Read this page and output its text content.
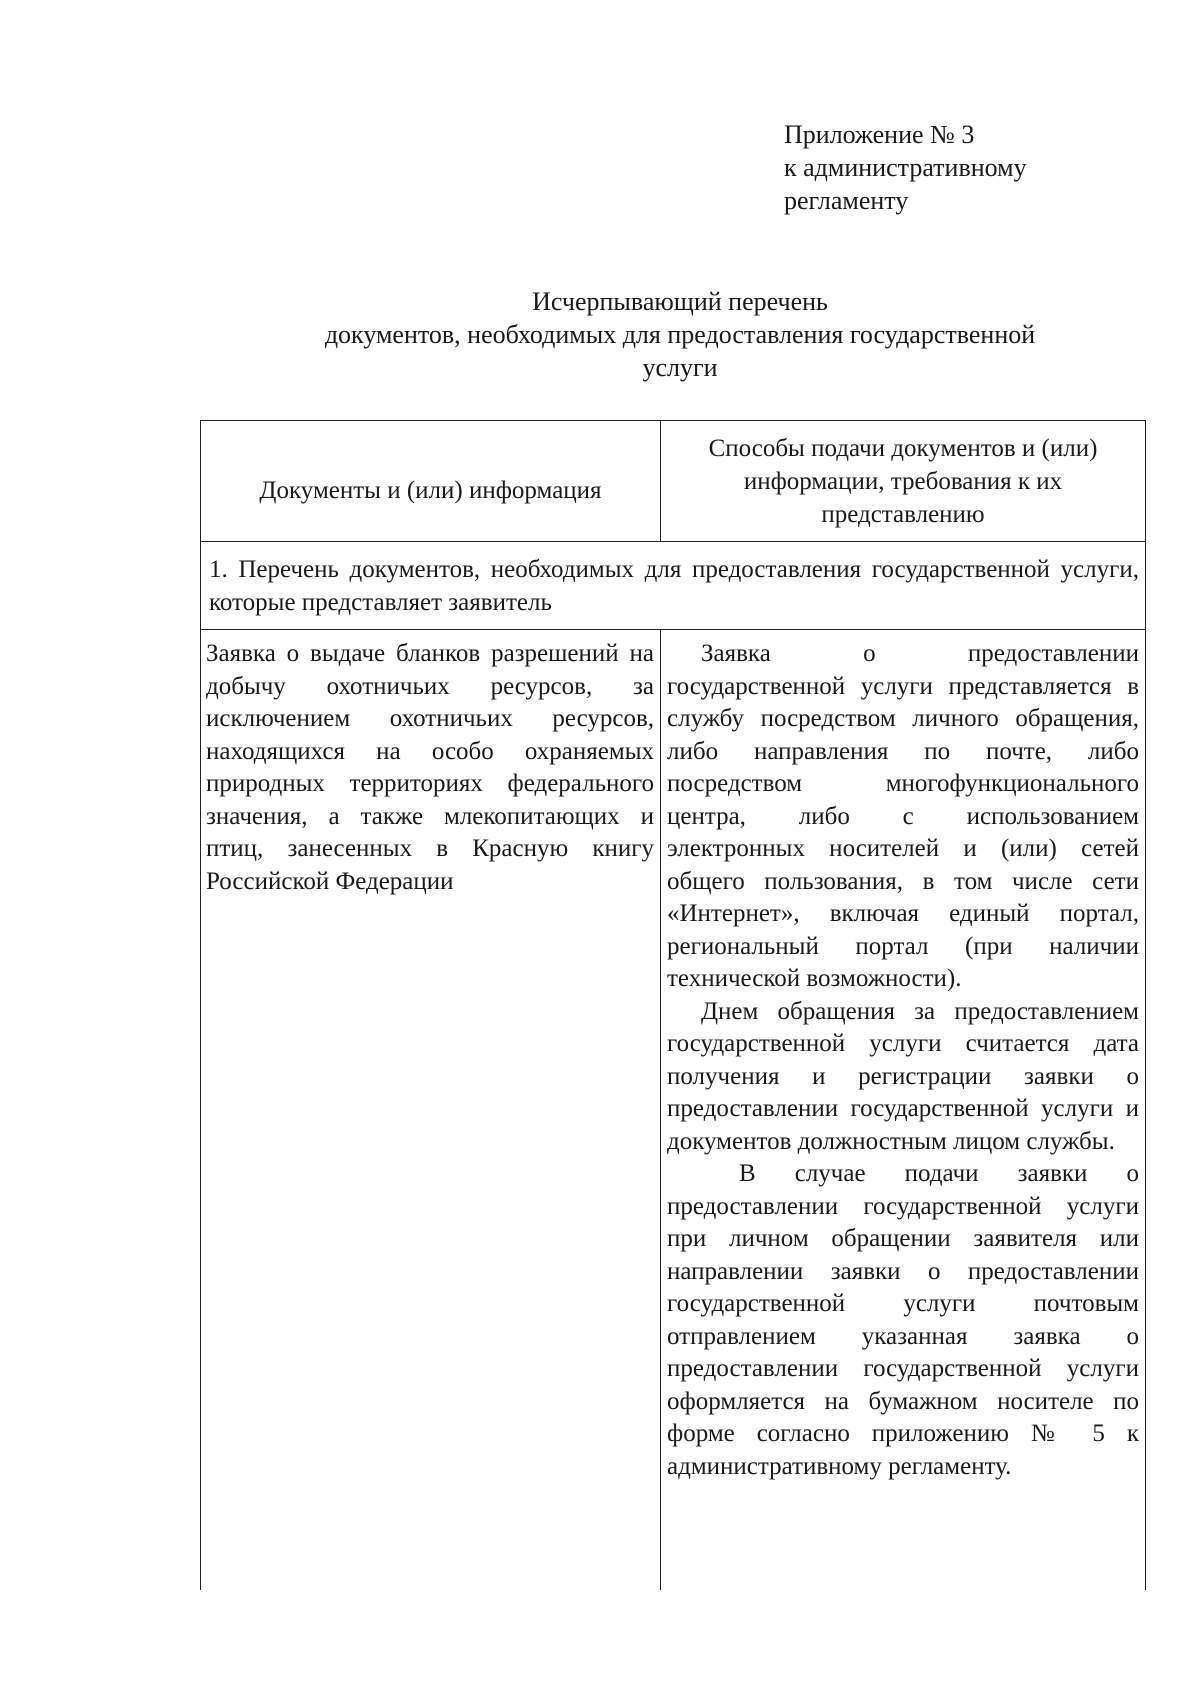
Приложение № 3
к административному
регламенту
Исчерпывающий перечень
документов, необходимых для предоставления государственной
услуги
Документы и (или) информация
Способы подачи документов и (или)
информации, требования к их
представлению
1. Перечень документов, необходимых для предоставления государственной услуги, которые представляет заявитель

Заявка о выдаче бланков разрешений на добычу охотничьих ресурсов, за исключением охотничьих ресурсов, находящихся на особо охраняемых природных территориях федерального значения, а также млекопитающих и птиц, занесенных в Красную книгу Российской Федерации

Заявка о предоставлении государственной услуги представляется в службу посредством личного обращения, либо направления по почте, либо посредством многофункционального центра, либо с использованием электронных носителей и (или) сетей общего пользования, в том числе сети «Интернет», включая единый портал, региональный портал (при наличии технической возможности).

Днем обращения за предоставлением государственной услуги считается дата получения и регистрации заявки о предоставлении государственной услуги и документов должностным лицом службы.

В случае подачи заявки о предоставлении государственной услуги при личном обращении заявителя или направлении заявки о предоставлении государственной услуги почтовым отправлением указанная заявка о предоставлении государственной услуги оформляется на бумажном носителе по форме согласно приложению № 5 к административному регламенту.
